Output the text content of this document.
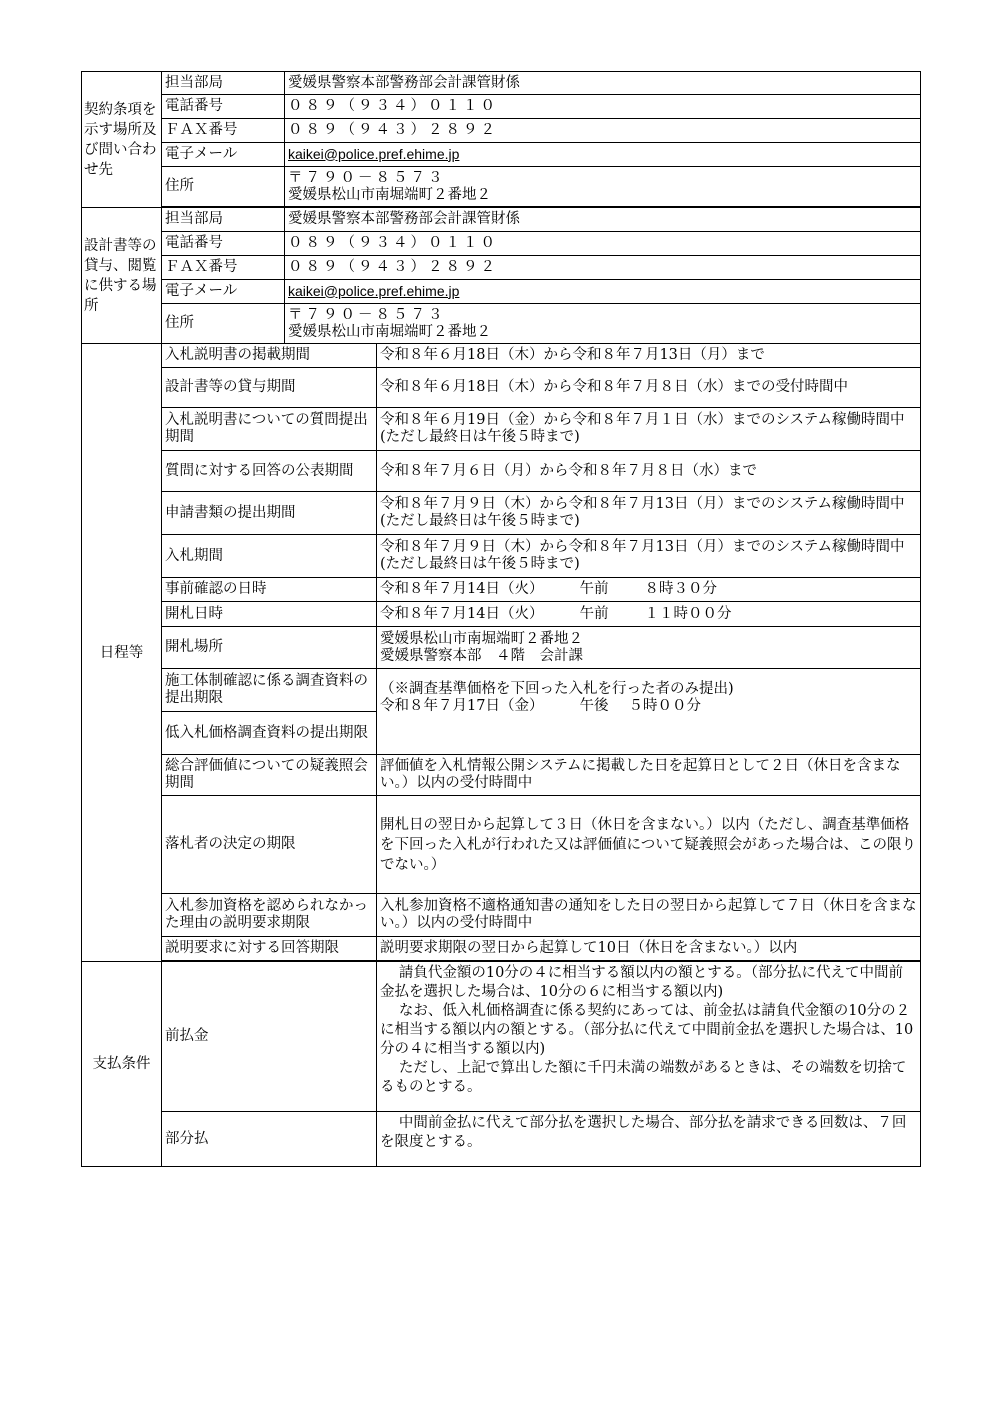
契約条項を示す場所及び問い合わせ先	担当部局	愛媛県警察本部警務部会計課管財係	
	電話番号	０８９（９３４）０１１０	
	ＦＡＸ番号	０８９（９４３）２８９２	
	電子メール	kaikei@police.pref.ehime.jp	
	住所	〒７９０－８５７３
愛媛県松山市南堀端町２番地２	

設計書等の貸与、閲覧に供する場所	担当部局	愛媛県警察本部警務部会計課管財係	
	電話番号	０８９（９３４）０１１０	
	ＦＡＸ番号	０８９（９４３）２８９２	
	電子メール	kaikei@police.pref.ehime.jp	
	住所	〒７９０－８５７３
愛媛県松山市南堀端町２番地２	

日程等	入札説明書の掲載期間		令和８年６月18日（木）から令和８年７月13日（月）まで
	設計書等の貸与期間		令和８年６月18日（木）から令和８年７月８日（水）までの受付時間中
	入札説明書についての質問提出期間		令和８年６月19日（金）から令和８年７月１日（水）までのシステム稼働時間中(ただし最終日は午後５時まで)
	質問に対する回答の公表期間		令和８年７月６日（月）から令和８年７月８日（水）まで
	申請書類の提出期間		令和８年７月９日（木）から令和８年７月13日（月）までのシステム稼働時間中(ただし最終日は午後５時まで)
	入札期間		令和８年７月９日（木）から令和８年７月13日（月）までのシステム稼働時間中(ただし最終日は午後５時まで)
	事前確認の日時		令和８年７月14日（火） 午前 ８時３０分
	開札日時		令和８年７月14日（火） 午前 １１時００分
	開札場所		愛媛県松山市南堀端町２番地２
愛媛県警察本部　４階　会計課

	施工体制確認に係る調査資料の提出期限		（※調査基準価格を下回った入札を行った者のみ提出)
令和８年７月17日（金） 午後 ５時００分

	低入札価格調査資料の提出期限		
	総合評価値についての疑義照会期間		評価値を入札情報公開システムに掲載した日を起算日として２日（休日を含まない。）以内の受付時間中
	落札者の決定の期限		開札日の翌日から起算して３日（休日を含まない。）以内（ただし、調査基準価格を下回った入札が行われた又は評価値について疑義照会があった場合は、この限りでない。）
	入札参加資格を認められなかった理由の説明要求期限		入札参加資格不適格通知書の通知をした日の翌日から起算して７日（休日を含まない。）以内の受付時間中
	説明要求に対する回答期限		説明要求期限の翌日から起算して10日（休日を含まない。）以内

支払条件	前払金		請負代金額の10分の４に相当する額以内の額とする。（部分払に代えて中間前金払を選択した場合は、10分の６に相当する額以内)
なお、低入札価格調査に係る契約にあっては、前金払は請負代金額の10分の２に相当する額以内の額とする。（部分払に代えて中間前金払を選択した場合は、10分の４に相当する額以内)
ただし、上記で算出した額に千円未満の端数があるときは、その端数を切捨てるものとする。

	部分払		中間前金払に代えて部分払を選択した場合、部分払を請求できる回数は、７回を限度とする。
